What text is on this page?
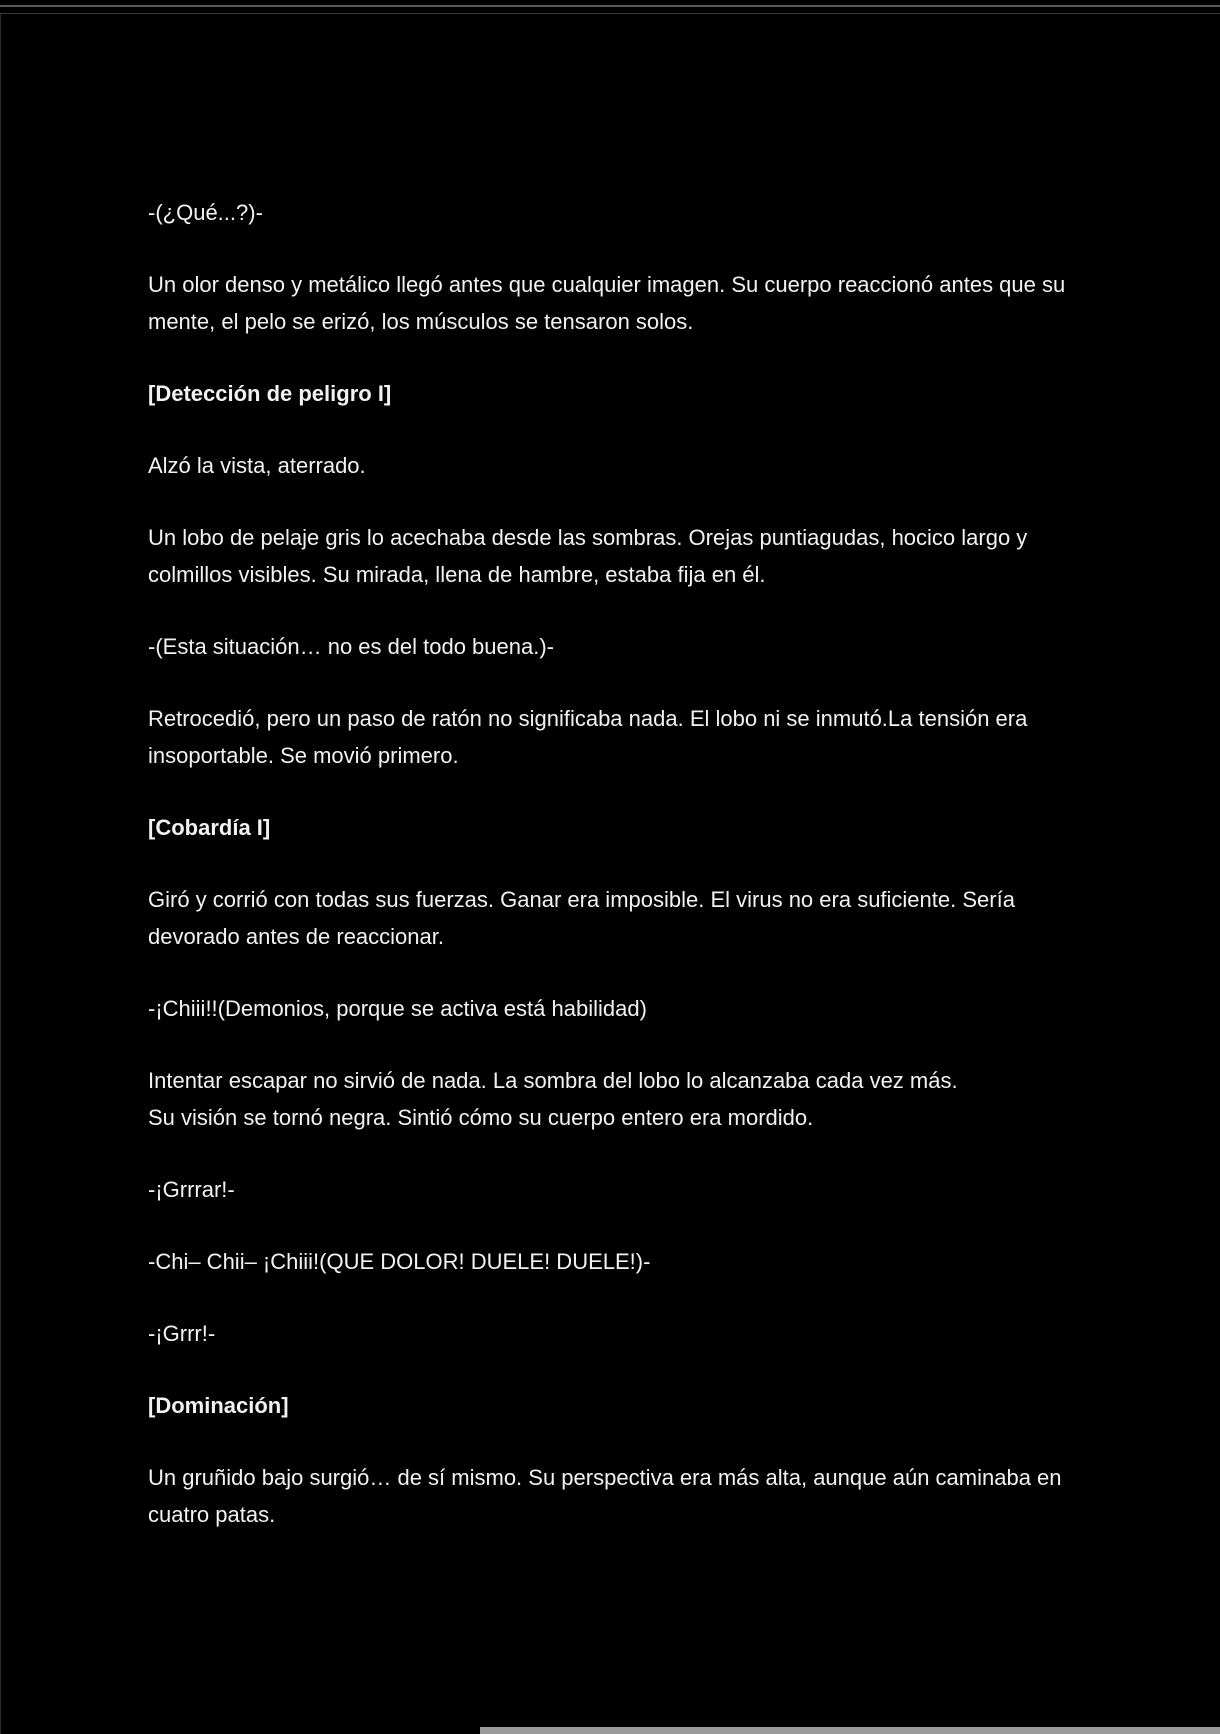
-(¿Qué...?)-

Un olor denso y metálico llegó antes que cualquier imagen. Su cuerpo reaccionó antes que su mente, el pelo se erizó, los músculos se tensaron solos.

[Detección de peligro I]

Alzó la vista, aterrado.

Un lobo de pelaje gris lo acechaba desde las sombras. Orejas puntiagudas, hocico largo y colmillos visibles. Su mirada, llena de hambre, estaba fija en él.

-(Esta situación… no es del todo buena.)-

Retrocedió, pero un paso de ratón no significaba nada. El lobo ni se inmutó.La tensión era insoportable. Se movió primero.

[Cobardía I]

Giró y corrió con todas sus fuerzas. Ganar era imposible. El virus no era suficiente. Sería devorado antes de reaccionar.

-¡Chiii!!(Demonios, porque se activa está habilidad)

Intentar escapar no sirvió de nada. La sombra del lobo lo alcanzaba cada vez más.
Su visión se tornó negra. Sintió cómo su cuerpo entero era mordido.

-¡Grrrar!-

-Chi– Chii– ¡Chiii!(QUE DOLOR! DUELE! DUELE!)-

-¡Grrr!-

[Dominación]

Un gruñido bajo surgió… de sí mismo. Su perspectiva era más alta, aunque aún caminaba en cuatro patas.
